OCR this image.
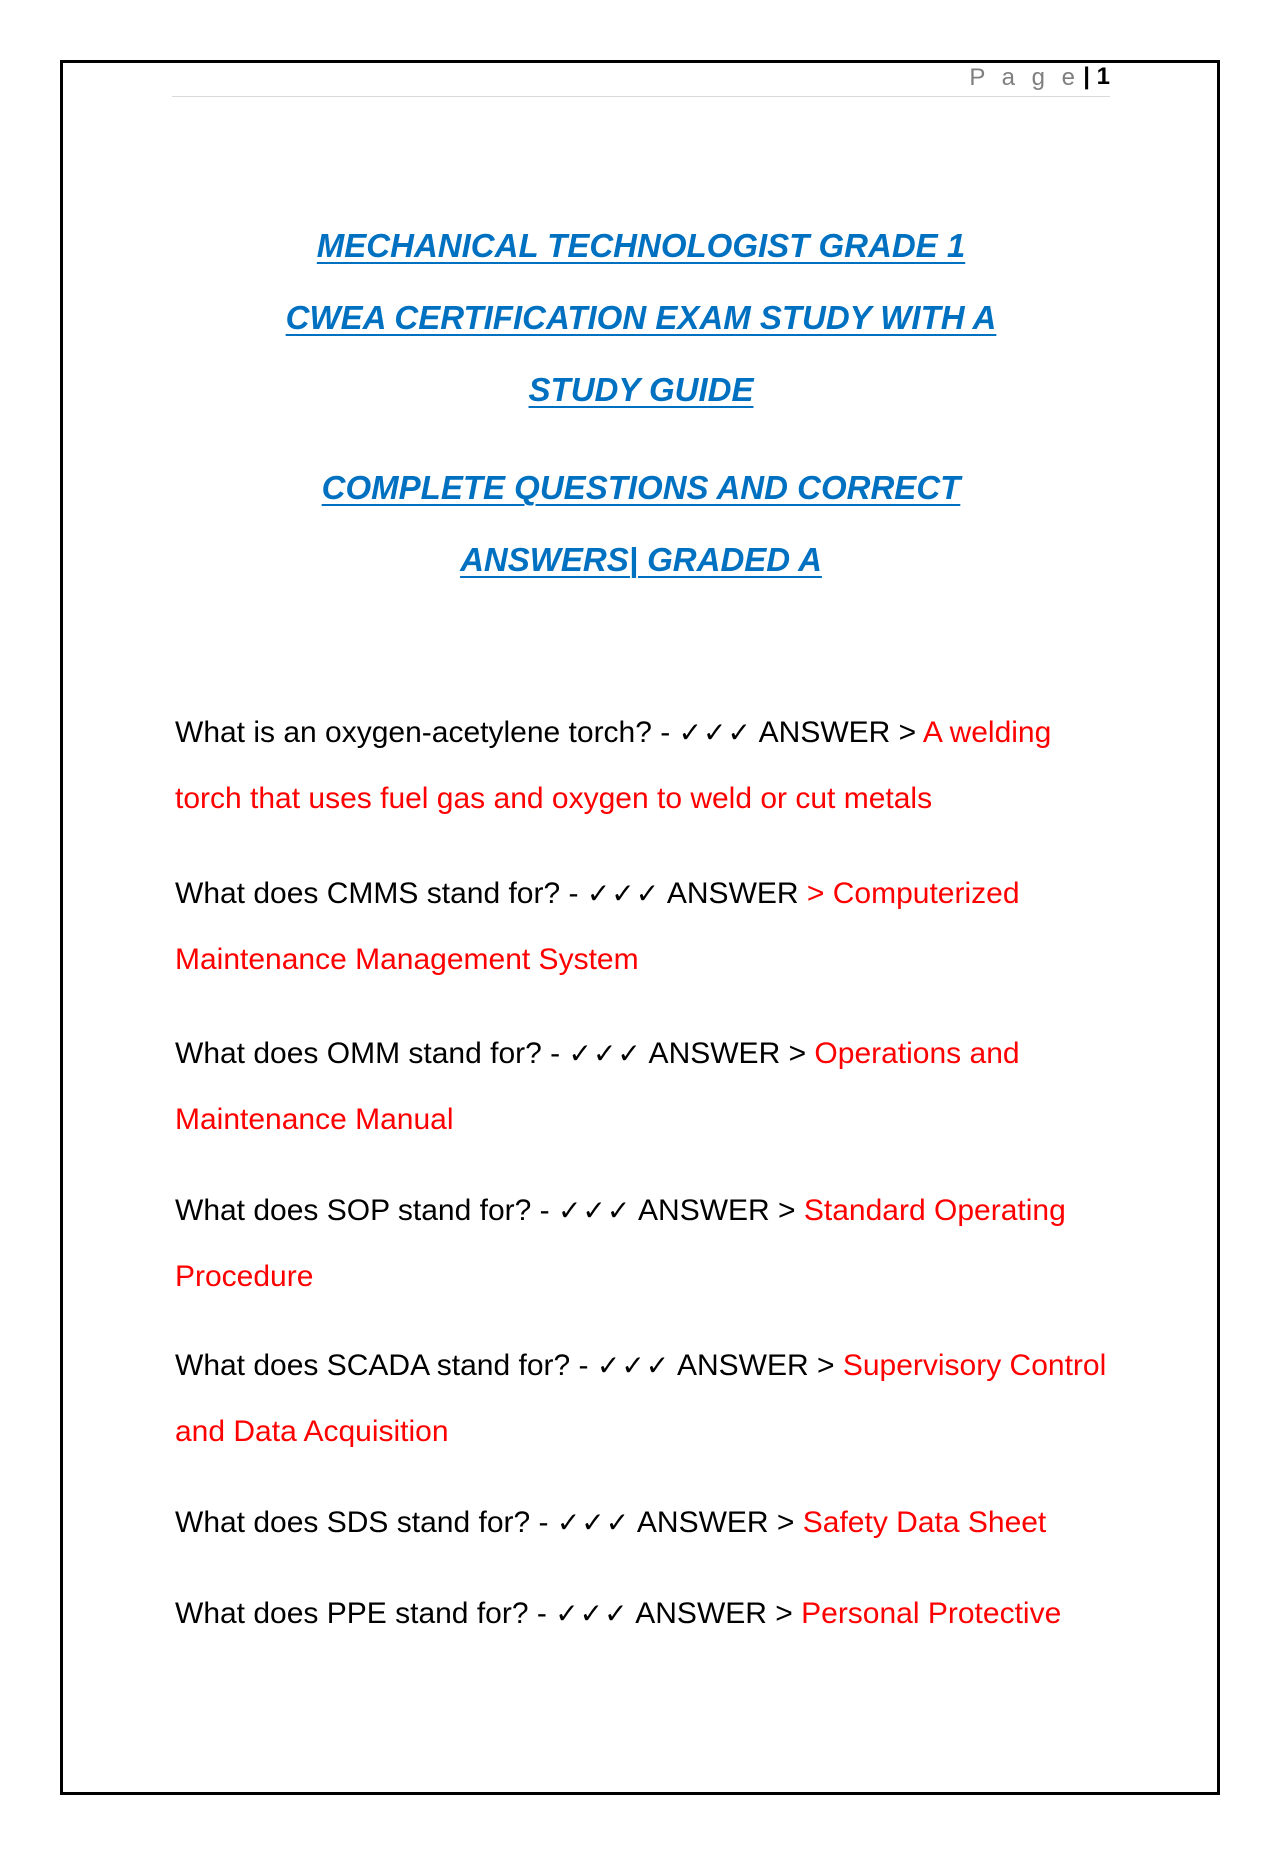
P a g e | 1
MECHANICAL TECHNOLOGIST GRADE 1
CWEA CERTIFICATION EXAM STUDY WITH A
STUDY GUIDE
COMPLETE QUESTIONS AND CORRECT
ANSWERS| GRADED A
What is an oxygen-acetylene torch? - ✓✓✓ ANSWER > A welding torch that uses fuel gas and oxygen to weld or cut metals
What does CMMS stand for? - ✓✓✓ ANSWER > Computerized Maintenance Management System
What does OMM stand for? - ✓✓✓ ANSWER > Operations and Maintenance Manual
What does SOP stand for? - ✓✓✓ ANSWER > Standard Operating Procedure
What does SCADA stand for? - ✓✓✓ ANSWER > Supervisory Control and Data Acquisition
What does SDS stand for? - ✓✓✓ ANSWER > Safety Data Sheet
What does PPE stand for? - ✓✓✓ ANSWER > Personal Protective
